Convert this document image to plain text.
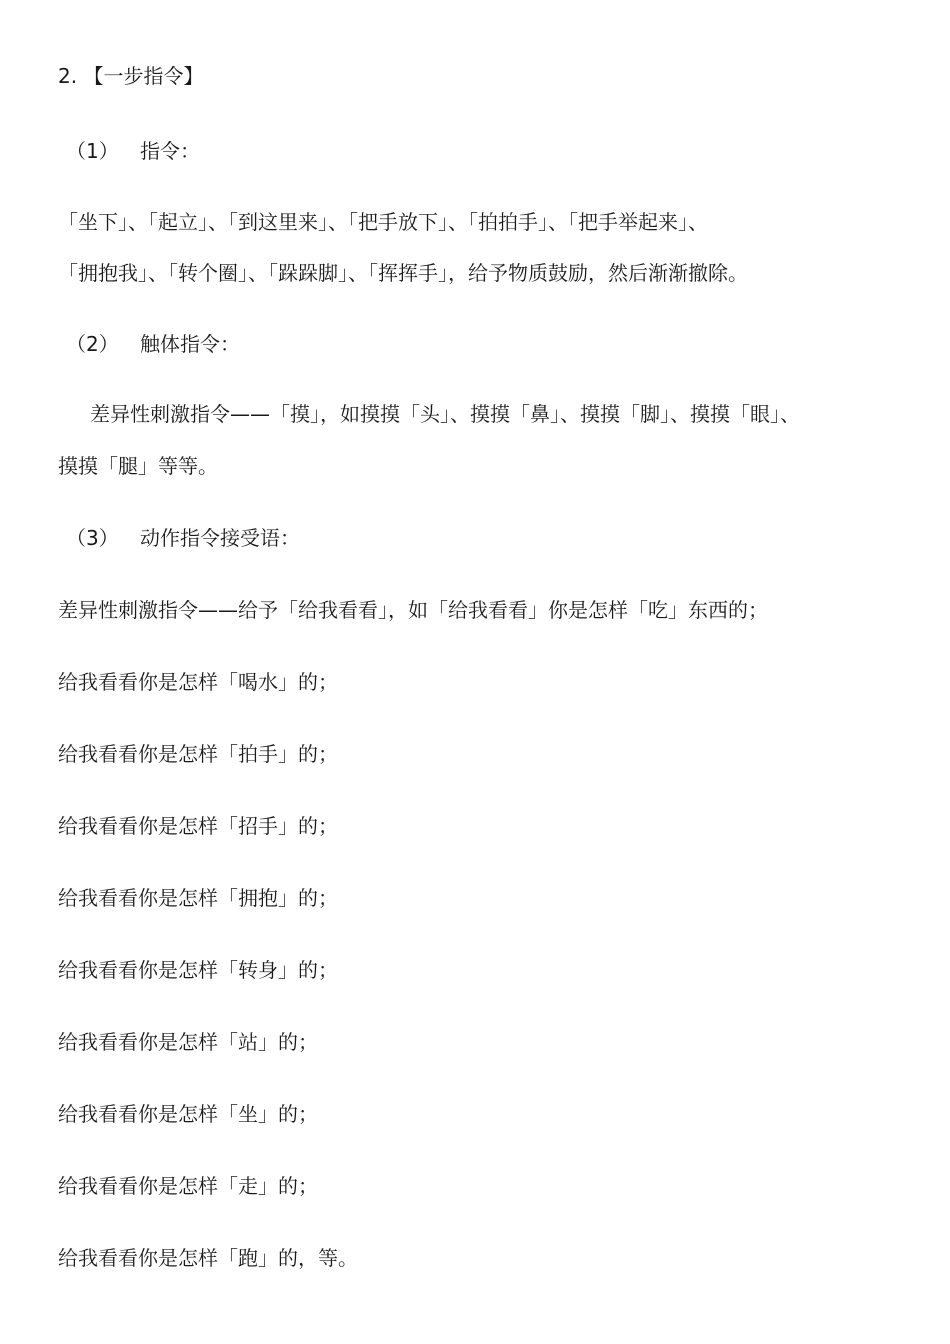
2. 【一步指令】
（1） 指令：
「坐下」、「起立」、「到这里来」、「把手放下」、「拍拍手」、「把手举起来」、
「拥抱我」、「转个圈」、「跺跺脚」、「挥挥手」，给予物质鼓励，然后渐渐撤除。
（2） 触体指令：
差异性刺激指令——「摸」，如摸摸「头」、摸摸「鼻」、摸摸「脚」、摸摸「眼」、
摸摸「腿」等等。
（3） 动作指令接受语：
差异性刺激指令——给予「给我看看」，如「给我看看」你是怎样「吃」东西的；
给我看看你是怎样「喝水」的；
给我看看你是怎样「拍手」的；
给我看看你是怎样「招手」的；
给我看看你是怎样「拥抱」的；
给我看看你是怎样「转身」的；
给我看看你是怎样「站」的；
给我看看你是怎样「坐」的；
给我看看你是怎样「走」的；
给我看看你是怎样「跑」的，等。
